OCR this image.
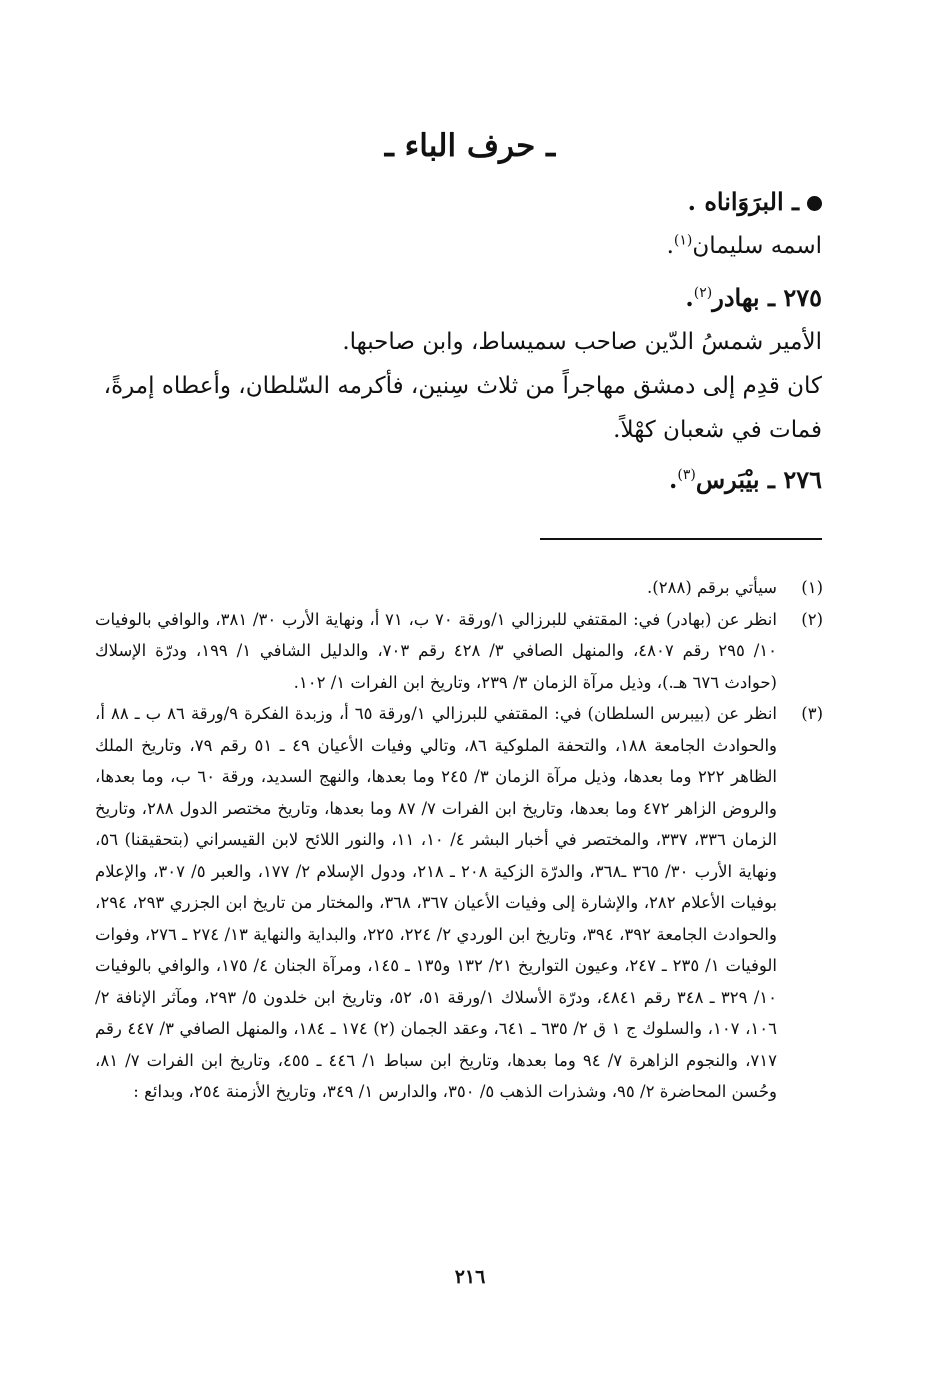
ـ حرف الباء ـ
ـ البرَوَاناه .
اسمه سليمان$^{(١)}$.
٢٧٥ ـ بهادر$^{(٢)}$.
الأمير شمسُ الدّين صاحب سميساط، وابن صاحبها.
كان قدِم إلى دمشق مهاجراً من ثلاث سِنين، فأكرمه السّلطان، وأعطاه إمرةً، فمات في شعبان كهْلاً.
٢٧٦ ـ بيْبَرس$^{(٣)}$.
(١)
سيأتي برقم (٢٨٨).
(٢)
انظر عن (بهادر) في: المقتفي للبرزالي ١/ورقة ٧٠ ب، ٧١ أ، ونهاية الأرب ٣٠/ ٣٨١، والوافي بالوفيات ١٠/ ٢٩٥ رقم ٤٨٠٧، والمنهل الصافي ٣/ ٤٢٨ رقم ٧٠٣، والدليل الشافي ١/ ١٩٩، ودرّة الإسلاك (حوادث ٦٧٦ هـ.)، وذيل مرآة الزمان ٣/ ٢٣٩، وتاريخ ابن الفرات ١/ ١٠٢.
(٣)
انظر عن (بيبرس السلطان) في: المقتفي للبرزالي ١/ورقة ٦٥ أ، وزبدة الفكرة ٩/ورقة ٨٦ ب ـ ٨٨ أ، والحوادث الجامعة ١٨٨، والتحفة الملوكية ٨٦، وتالي وفيات الأعيان ٤٩ ـ ٥١ رقم ٧٩، وتاريخ الملك الظاهر ٢٢٢ وما بعدها، وذيل مرآة الزمان ٣/ ٢٤٥ وما بعدها، والنهج السديد، ورقة ٦٠ ب، وما بعدها، والروض الزاهر ٤٧٢ وما بعدها، وتاريخ ابن الفرات ٧/ ٨٧ وما بعدها، وتاريخ مختصر الدول ٢٨٨، وتاريخ الزمان ٣٣٦، ٣٣٧، والمختصر في أخبار البشر ٤/ ١٠، ١١، والنور اللائح لابن القيسراني (بتحقيقنا) ٥٦، ونهاية الأرب ٣٠/ ٣٦٥ ـ٣٦٨، والدرّة الزكية ٢٠٨ ـ ٢١٨، ودول الإسلام ٢/ ١٧٧، والعبر ٥/ ٣٠٧، والإعلام بوفيات الأعلام ٢٨٢، والإشارة إلى وفيات الأعيان ٣٦٧، ٣٦٨، والمختار من تاريخ ابن الجزري ٢٩٣، ٢٩٤، والحوادث الجامعة ٣٩٢، ٣٩٤، وتاريخ ابن الوردي ٢/ ٢٢٤، ٢٢٥، والبداية والنهاية ١٣/ ٢٧٤ ـ ٢٧٦، وفوات الوفيات ١/ ٢٣٥ ـ ٢٤٧، وعيون التواريخ ٢١/ ١٣٢ و١٣٥ ـ ١٤٥، ومرآة الجنان ٤/ ١٧٥، والوافي بالوفيات ١٠/ ٣٢٩ ـ ٣٤٨ رقم ٤٨٤١، ودرّة الأسلاك ١/ورقة ٥١، ٥٢، وتاريخ ابن خلدون ٥/ ٢٩٣، ومآثر الإنافة ٢/ ١٠٦، ١٠٧، والسلوك ج ١ ق ٢/ ٦٣٥ ـ ٦٤١، وعقد الجمان (٢) ١٧٤ ـ ١٨٤، والمنهل الصافي ٣/ ٤٤٧ رقم ٧١٧، والنجوم الزاهرة ٧/ ٩٤ وما بعدها، وتاريخ ابن سباط ١/ ٤٤٦ ـ ٤٥٥، وتاريخ ابن الفرات ٧/ ٨١، وحُسن المحاضرة ٢/ ٩٥، وشذرات الذهب ٥/ ٣٥٠، والدارس ١/ ٣٤٩، وتاريخ الأزمنة ٢٥٤، وبدائع :
٢١٦
